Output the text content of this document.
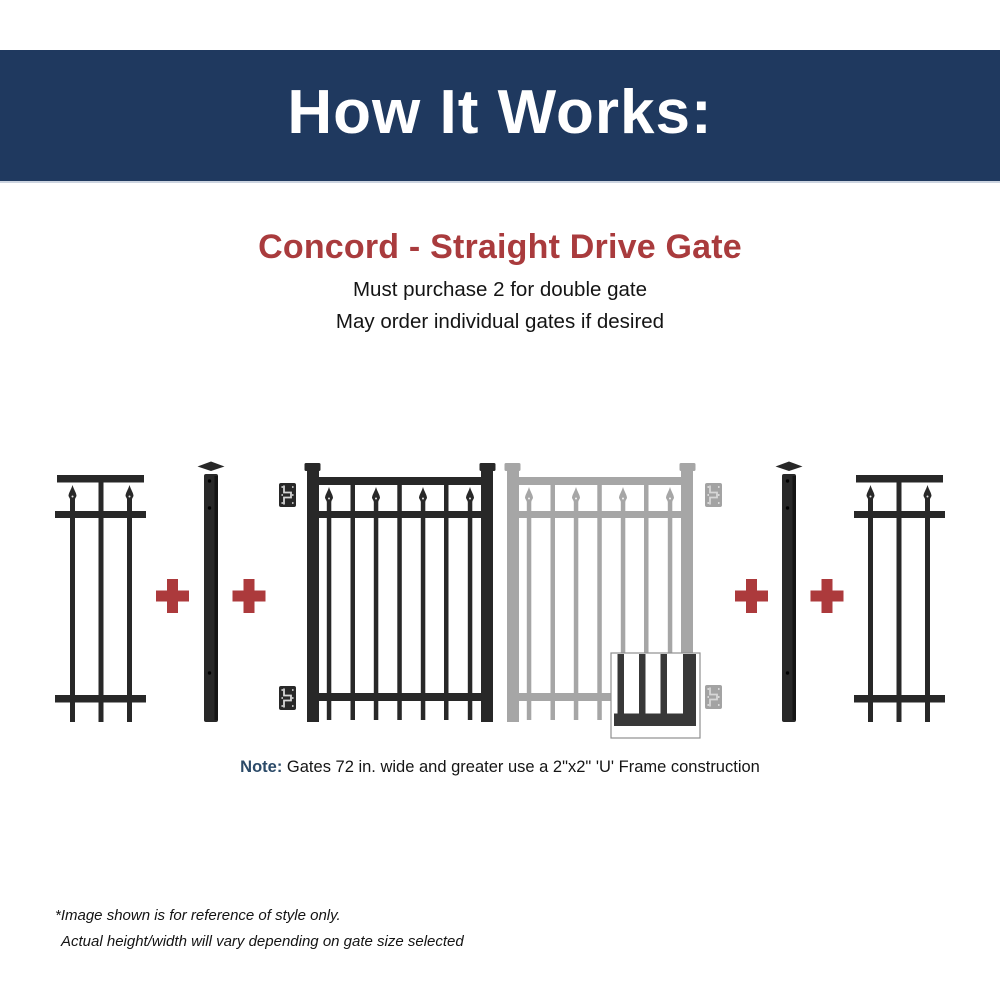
How It Works:
Concord - Straight Drive Gate
Must purchase 2 for double gate
May order individual gates if desired
Note: Gates 72 in. wide and greater use a 2"x2" 'U' Frame construction
*Image shown is for reference of style only.
Actual height/width will vary depending on gate size selected
